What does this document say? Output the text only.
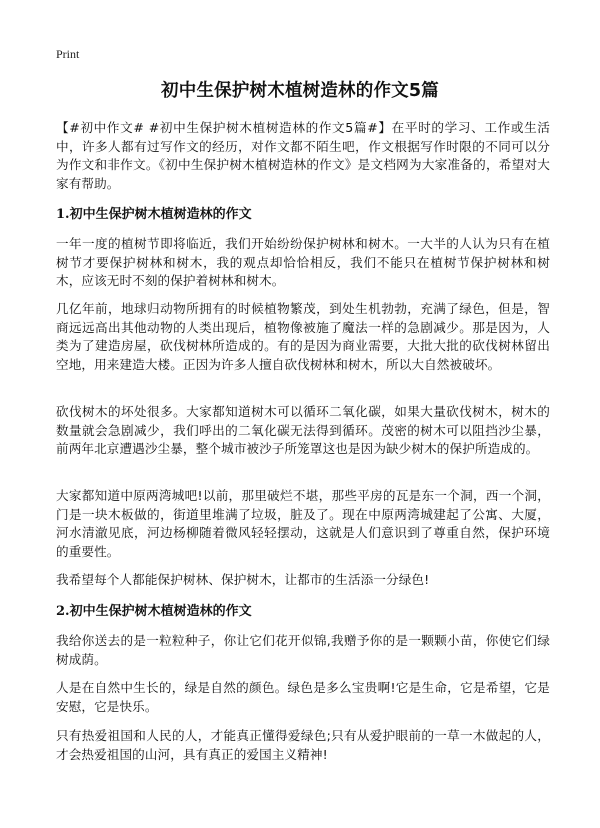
Print
初中生保护树木植树造林的作文5篇

【#初中作文# #初中生保护树木植树造林的作文5篇#】在平时的学习、工作或生活中，许多人都有过写作文的经历，对作文都不陌生吧，作文根据写作时限的不同可以分为作文和非作文。《初中生保护树木植树造林的作文》是文档网为大家准备的，希望对大家有帮助。

1.初中生保护树木植树造林的作文

一年一度的植树节即将临近，我们开始纷纷保护树林和树木。一大半的人认为只有在植树节才要保护树林和树木，我的观点却恰恰相反，我们不能只在植树节保护树林和树木，应该无时不刻的保护着树林和树木。

几亿年前，地球归动物所拥有的时候植物繁茂，到处生机勃勃，充满了绿色，但是，智商远远高出其他动物的人类出现后，植物像被施了魔法一样的急剧减少。那是因为，人类为了建造房屋，砍伐树林所造成的。有的是因为商业需要，大批大批的砍伐树林留出空地，用来建造大楼。正因为许多人擅自砍伐树林和树木，所以大自然被破坏。

砍伐树木的坏处很多。大家都知道树木可以循环二氧化碳，如果大量砍伐树木，树木的数量就会急剧减少，我们呼出的二氧化碳无法得到循环。茂密的树木可以阻挡沙尘暴，前两年北京遭遇沙尘暴，整个城市被沙子所笼罩这也是因为缺少树木的保护所造成的。

大家都知道中原两湾城吧!以前，那里破烂不堪，那些平房的瓦是东一个洞，西一个洞，门是一块木板做的，街道里堆满了垃圾，脏及了。现在中原两湾城建起了公寓、大厦，河水清澈见底，河边杨柳随着微风轻轻摆动，这就是人们意识到了尊重自然，保护环境的重要性。

我希望每个人都能保护树林、保护树木，让都市的生活添一分绿色!

2.初中生保护树木植树造林的作文

我给你送去的是一粒粒种子，你让它们花开似锦,我赠予你的是一颗颗小苗，你使它们绿树成荫。

人是在自然中生长的，绿是自然的颜色。绿色是多么宝贵啊!它是生命，它是希望，它是安慰，它是快乐。

只有热爱祖国和人民的人，才能真正懂得爱绿色;只有从爱护眼前的一草一木做起的人，才会热爱祖国的山河，具有真正的爱国主义精神!
